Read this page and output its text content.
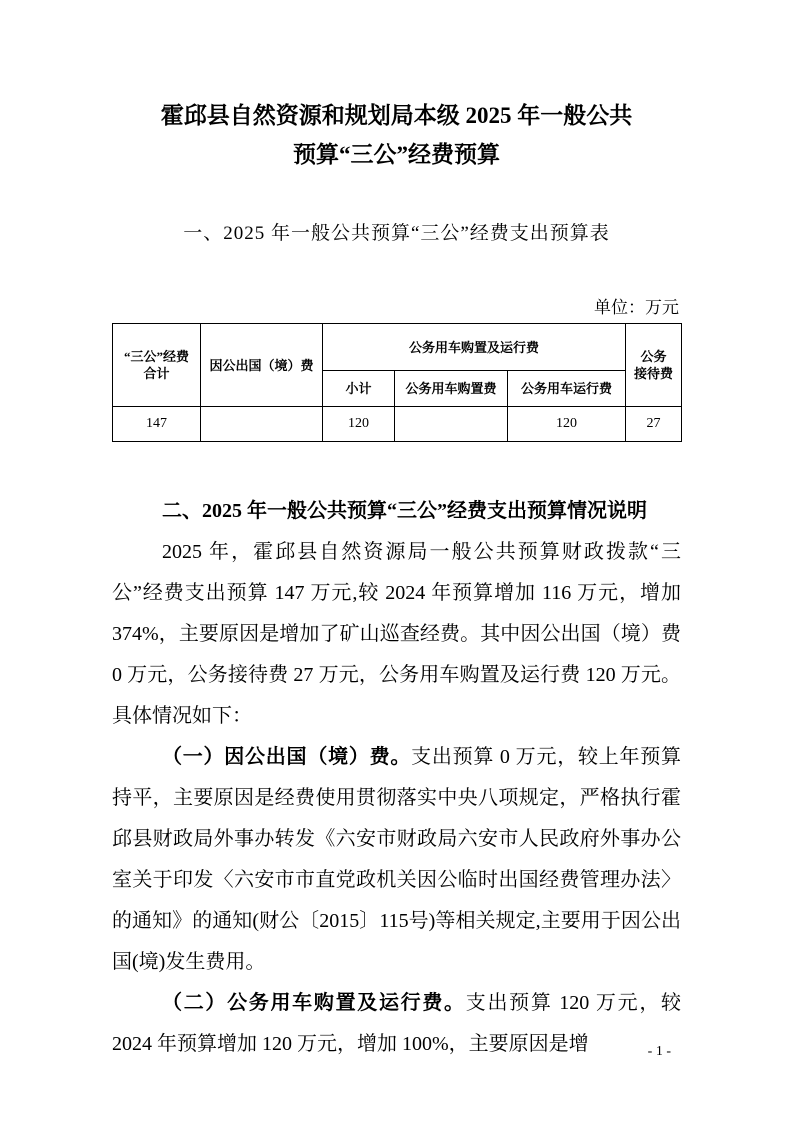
霍邱县自然资源和规划局本级 2025 年一般公共
预算“三公”经费预算
一、2025 年一般公共预算“三公”经费支出预算表
单位：万元
“三公”经费
合计	因公出国（境）费	公务用车购置及运行费			公务
接待费
		小计	公务用车购置费	公务用车运行费	
147		120		120	27

二、2025 年一般公共预算“三公”经费支出预算情况说明

2025 年，霍邱县自然资源局一般公共预算财政拨款“三公”经费支出预算 147 万元,较 2024 年预算增加 116 万元，增加 374%，主要原因是增加了矿山巡查经费。其中因公出国（境）费 0 万元，公务接待费 27 万元，公务用车购置及运行费 120 万元。具体情况如下：

（一）因公出国（境）费。支出预算 0 万元，较上年预算持平，主要原因是经费使用贯彻落实中央八项规定，严格执行霍邱县财政局外事办转发《六安市财政局六安市人民政府外事办公室关于印发〈六安市市直党政机关因公临时出国经费管理办法〉的通知》的通知(财公〔2015〕115号)等相关规定,主要用于因公出国(境)发生费用。

（二）公务用车购置及运行费。支出预算 120 万元，较 2024 年预算增加 120 万元，增加 100%，主要原因是增	- 1 -
